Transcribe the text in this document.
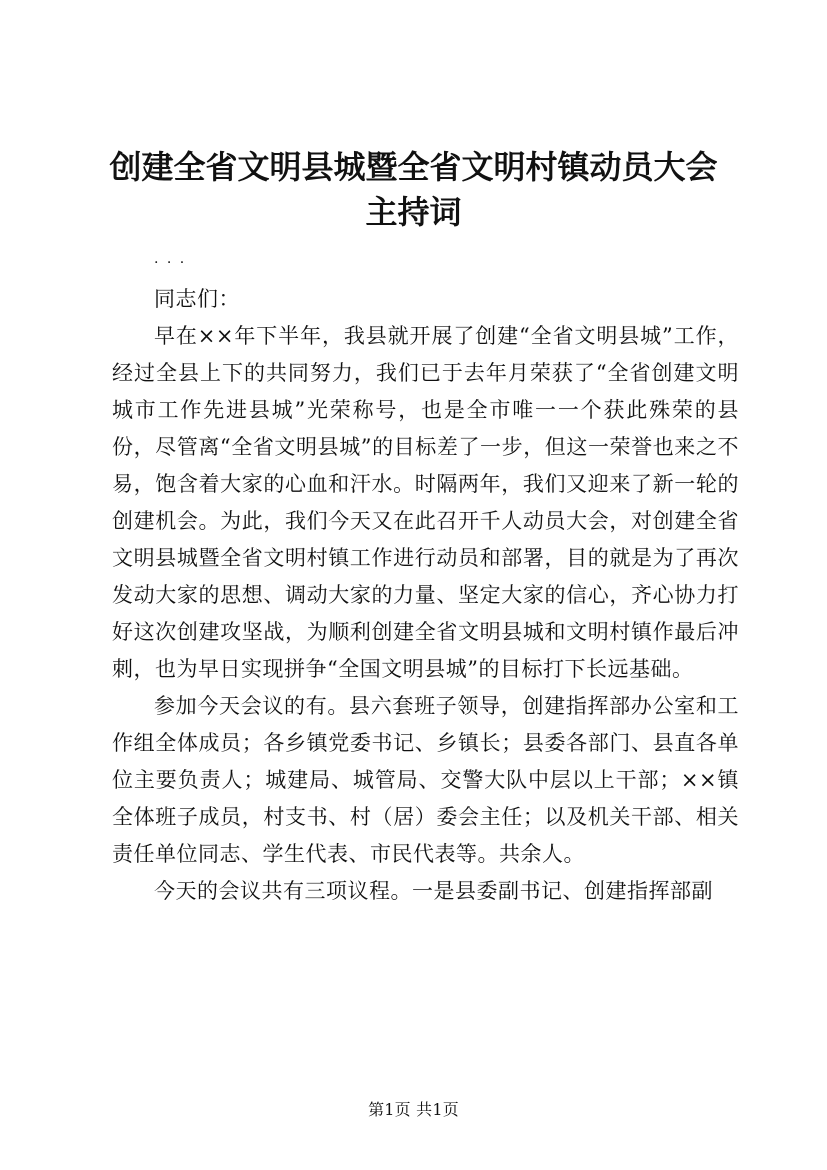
创建全省文明县城暨全省文明村镇动员大会主持词
. . .

同志们：

早在××年下半年，我县就开展了创建“全省文明县城”工作，经过全县上下的共同努力，我们已于去年月荣获了“全省创建文明城市工作先进县城”光荣称号，也是全市唯一一个获此殊荣的县份，尽管离“全省文明县城”的目标差了一步，但这一荣誉也来之不易，饱含着大家的心血和汗水。时隔两年，我们又迎来了新一轮的创建机会。为此，我们今天又在此召开千人动员大会，对创建全省文明县城暨全省文明村镇工作进行动员和部署，目的就是为了再次发动大家的思想、调动大家的力量、坚定大家的信心，齐心协力打好这次创建攻坚战，为顺利创建全省文明县城和文明村镇作最后冲刺，也为早日实现拼争“全国文明县城”的目标打下长远基础。

参加今天会议的有。县六套班子领导，创建指挥部办公室和工作组全体成员；各乡镇党委书记、乡镇长；县委各部门、县直各单位主要负责人；城建局、城管局、交警大队中层以上干部；××镇全体班子成员，村支书、村（居）委会主任；以及机关干部、相关责任单位同志、学生代表、市民代表等。共余人。

今天的会议共有三项议程。一是县委副书记、创建指挥部副

第1页 共1页
